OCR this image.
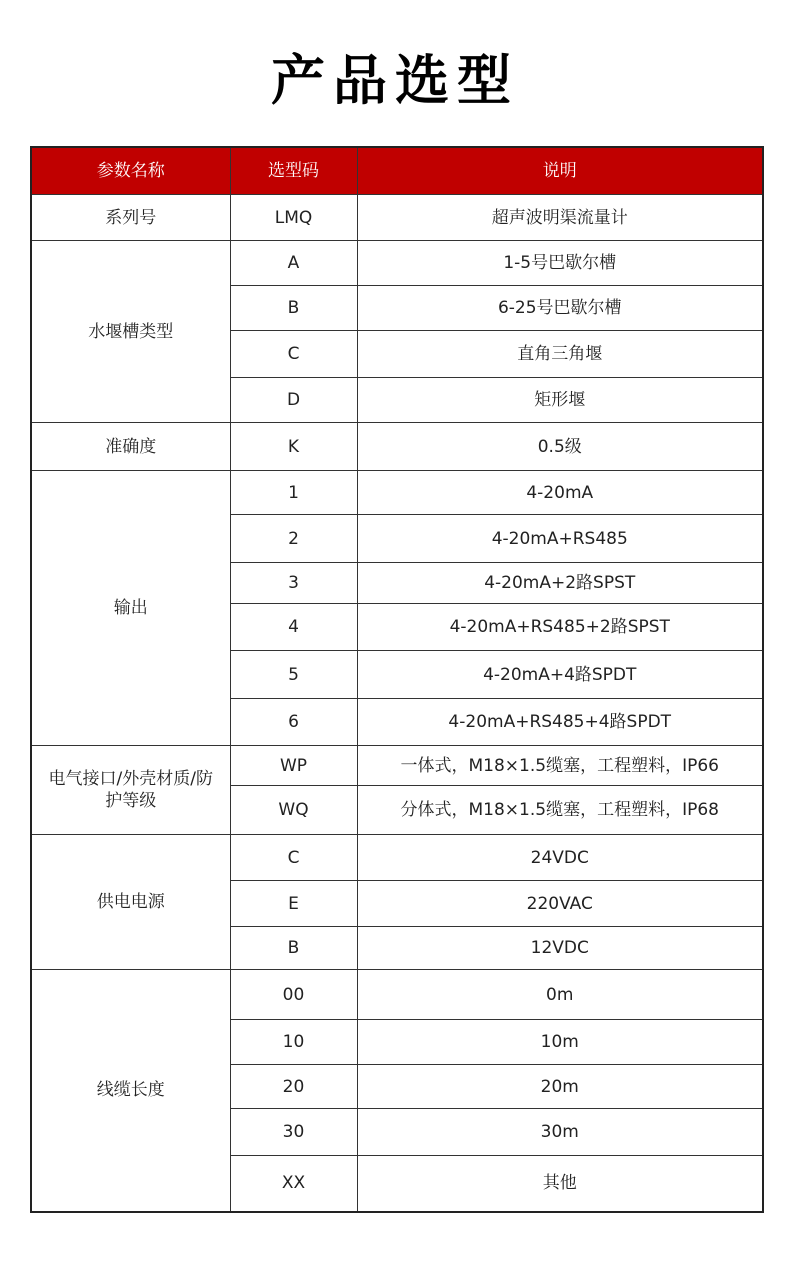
产品选型
参数名称	选型码	说明
系列号	LMQ	超声波明渠流量计
水堰槽类型	A	1-5号巴歇尔槽
	B	6-25号巴歇尔槽
	C	直角三角堰
	D	矩形堰
准确度	K	0.5级
输出	1	4-20mA
	2	4-20mA+RS485
	3	4-20mA+2路SPST
	4	4-20mA+RS485+2路SPST
	5	4-20mA+4路SPDT
	6	4-20mA+RS485+4路SPDT
电气接口/外壳材质/防护等级	WP	一体式，M18×1.5缆塞，工程塑料，IP66
	WQ	分体式，M18×1.5缆塞，工程塑料，IP68
供电电源	C	24VDC
	E	220VAC
	B	12VDC
线缆长度	00	0m
	10	10m
	20	20m
	30	30m
	XX	其他
